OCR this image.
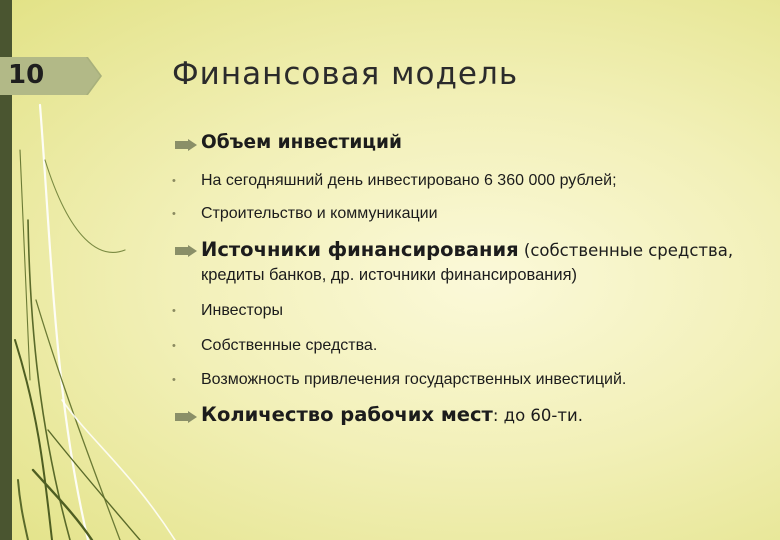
10	Финансовая модель
Объем инвестиций
• На сегодняшний день инвестировано 6 360 000 рублей;
• Строительство и коммуникации
Источники финансирования (собственные средства,
кредиты банков, др. источники финансирования)
• Инвесторы
• Собственные средства.
• Возможность привлечения государственных инвестиций.
Количество рабочих мест: до 60-ти.
